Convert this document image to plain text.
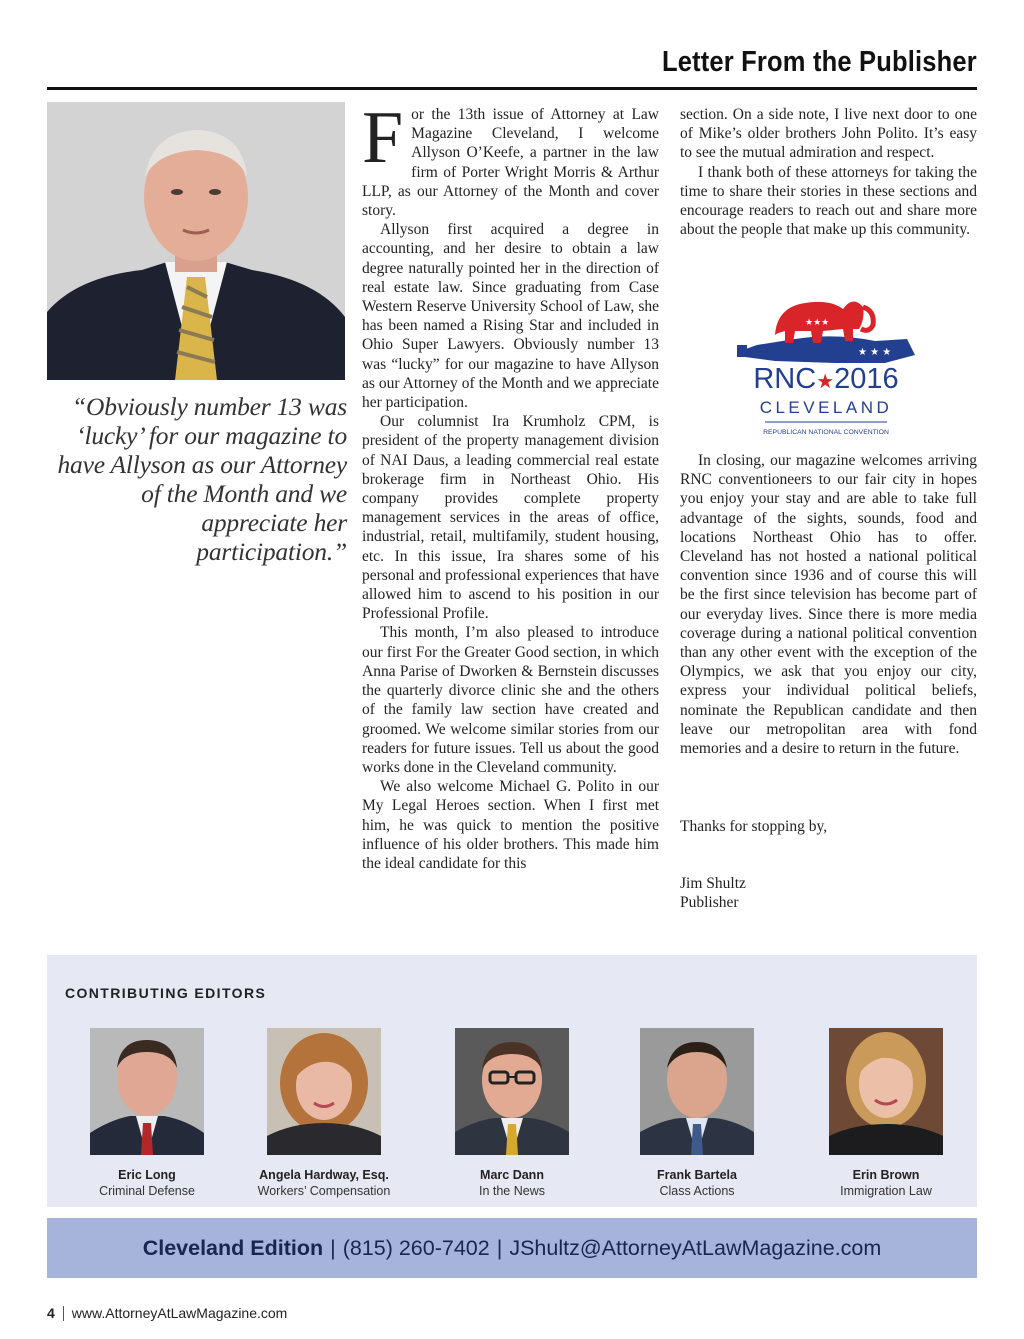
Letter From the Publisher
“Obviously number 13 was ‘lucky’ for our magazine to have Allyson as our Attorney of the Month and we appreciate her participation.”

For the 13th issue of Attorney at Law Magazine Cleveland, I welcome Allyson O’Keefe, a partner in the law firm of Porter Wright Morris & Arthur LLP, as our Attorney of the Month and cover story.

Allyson first acquired a degree in accounting, and her desire to obtain a law degree naturally pointed her in the direction of real estate law. Since graduating from Case Western Reserve University School of Law, she has been named a Rising Star and included in Ohio Super Lawyers. Obviously number 13 was “lucky” for our magazine to have Allyson as our Attorney of the Month and we appreciate her participation.

Our columnist Ira Krumholz CPM, is president of the property management division of NAI Daus, a leading commercial real estate brokerage firm in Northeast Ohio. His company provides complete property management services in the areas of office, industrial, retail, multifamily, student housing, etc. In this issue, Ira shares some of his personal and professional experiences that have allowed him to ascend to his position in our Professional Profile.

This month, I’m also pleased to introduce our first For the Greater Good section, in which Anna Parise of Dworken & Bernstein discusses the quarterly divorce clinic she and the others of the family law section have created and groomed. We welcome similar stories from our readers for future issues. Tell us about the good works done in the Cleveland community.

We also welcome Michael G. Polito in our My Legal Heroes section. When I first met him, he was quick to mention the positive influence of his older brothers. This made him the ideal candidate for this

section. On a side note, I live next door to one of Mike’s older brothers John Polito. It’s easy to see the mutual admiration and respect.

I thank both of these attorneys for taking the time to share their stories in these sections and encourage readers to reach out and share more about the people that make up this community.

★ ★ ★
★★★
RNC★2016
CLEVELAND
REPUBLICAN NATIONAL CONVENTION

In closing, our magazine welcomes arriving RNC conventioneers to our fair city in hopes you enjoy your stay and are able to take full advantage of the sights, sounds, food and locations Northeast Ohio has to offer. Cleveland has not hosted a national political convention since 1936 and of course this will be the first since television has become part of our everyday lives. Since there is more media coverage during a national political convention than any other event with the exception of the Olympics, we ask that you enjoy our city, express your individual political beliefs, nominate the Republican candidate and then leave our metropolitan area with fond memories and a desire to return in the future.

Thanks for stopping by,
Jim Shultz
Publisher
CONTRIBUTING EDITORS
Eric Long
Criminal Defense
Angela Hardway, Esq.
Workers’ Compensation
Marc Dann
In the News
Frank Bartela
Class Actions
Erin Brown
Immigration Law
Cleveland Edition | (815) 260-7402 | JShultz@AttorneyAtLawMagazine.com
4 www.AttorneyAtLawMagazine.com
